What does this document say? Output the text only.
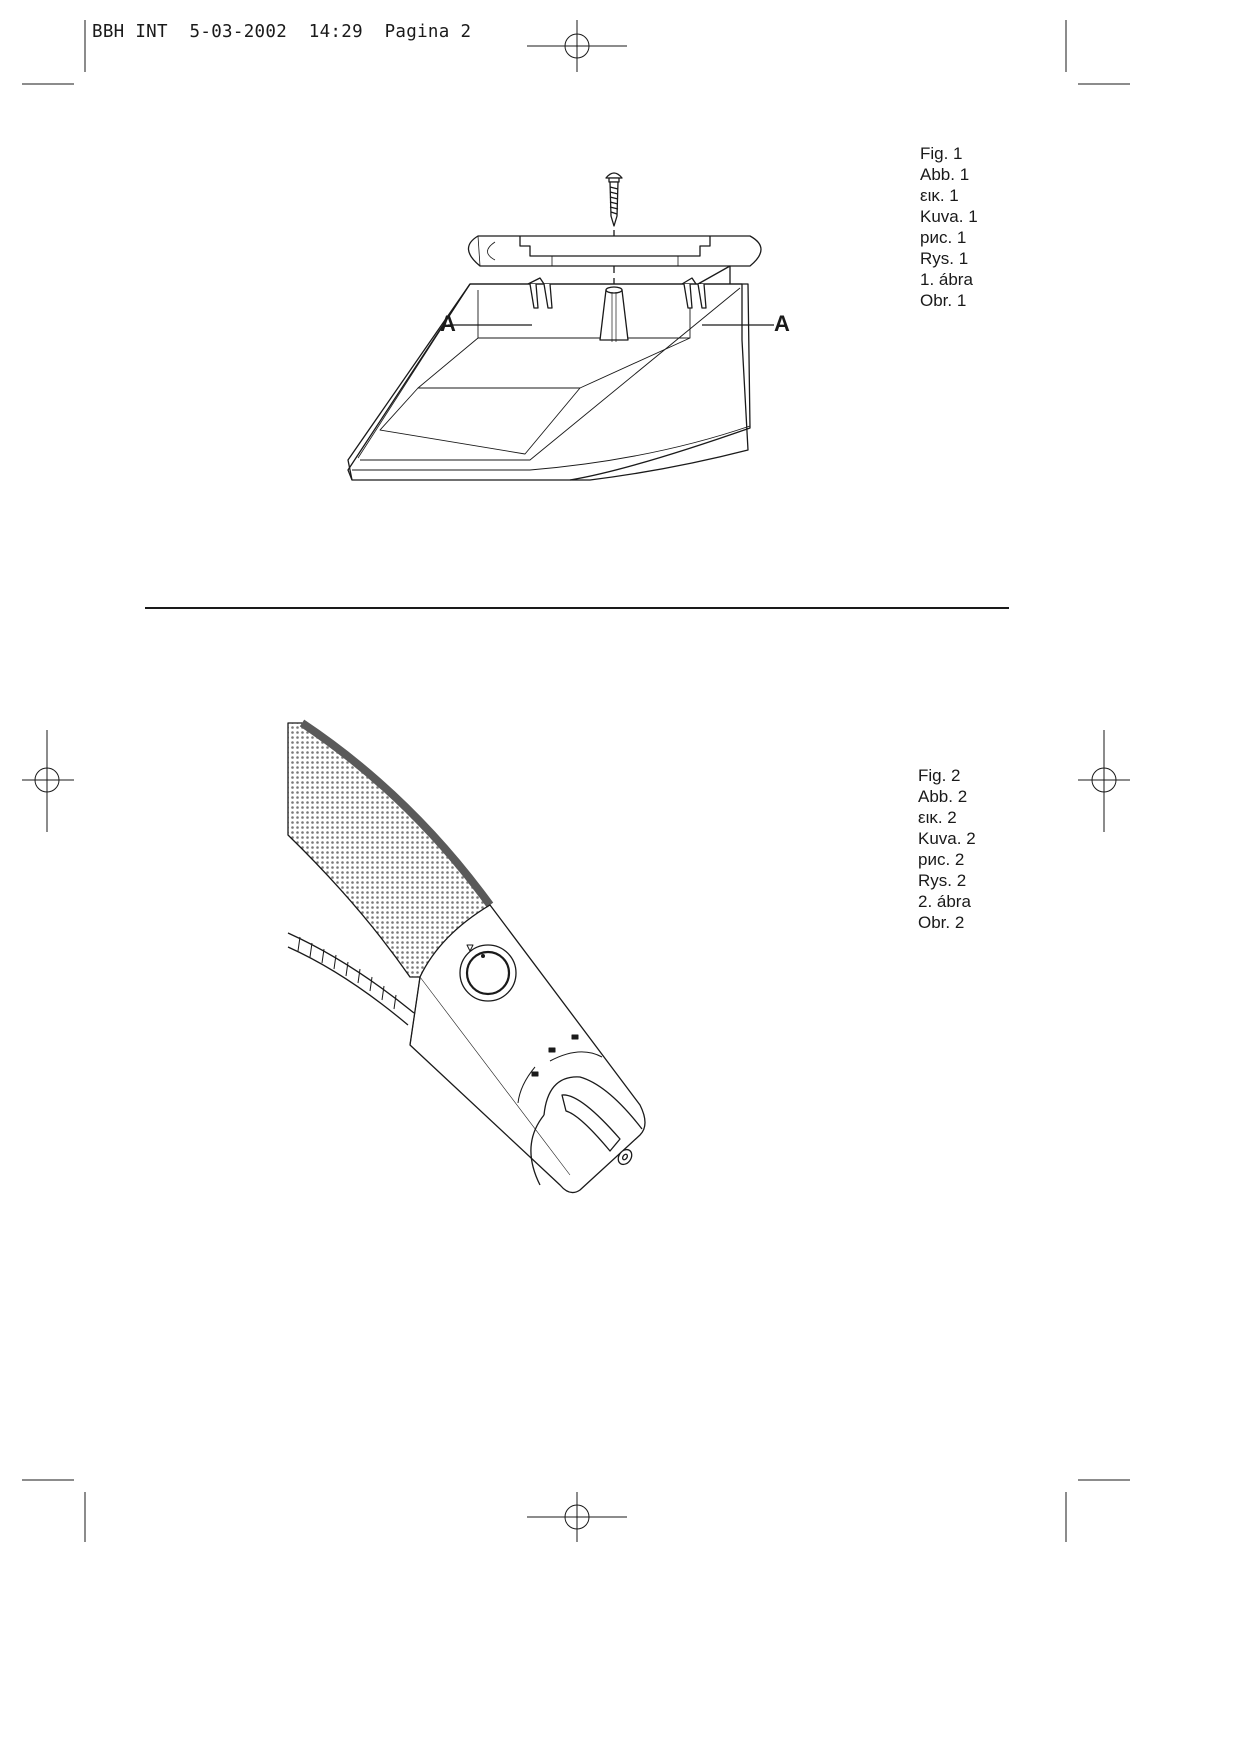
BBH INT 5-03-2002 14:29 Pagina 2
A	A
Fig. 1
Abb. 1
εικ. 1
Kuva. 1
рис. 1
Rys. 1
1. ábra
Obr. 1
Fig. 2
Abb. 2
εικ. 2
Kuva. 2
рис. 2
Rys. 2
2. ábra
Obr. 2
